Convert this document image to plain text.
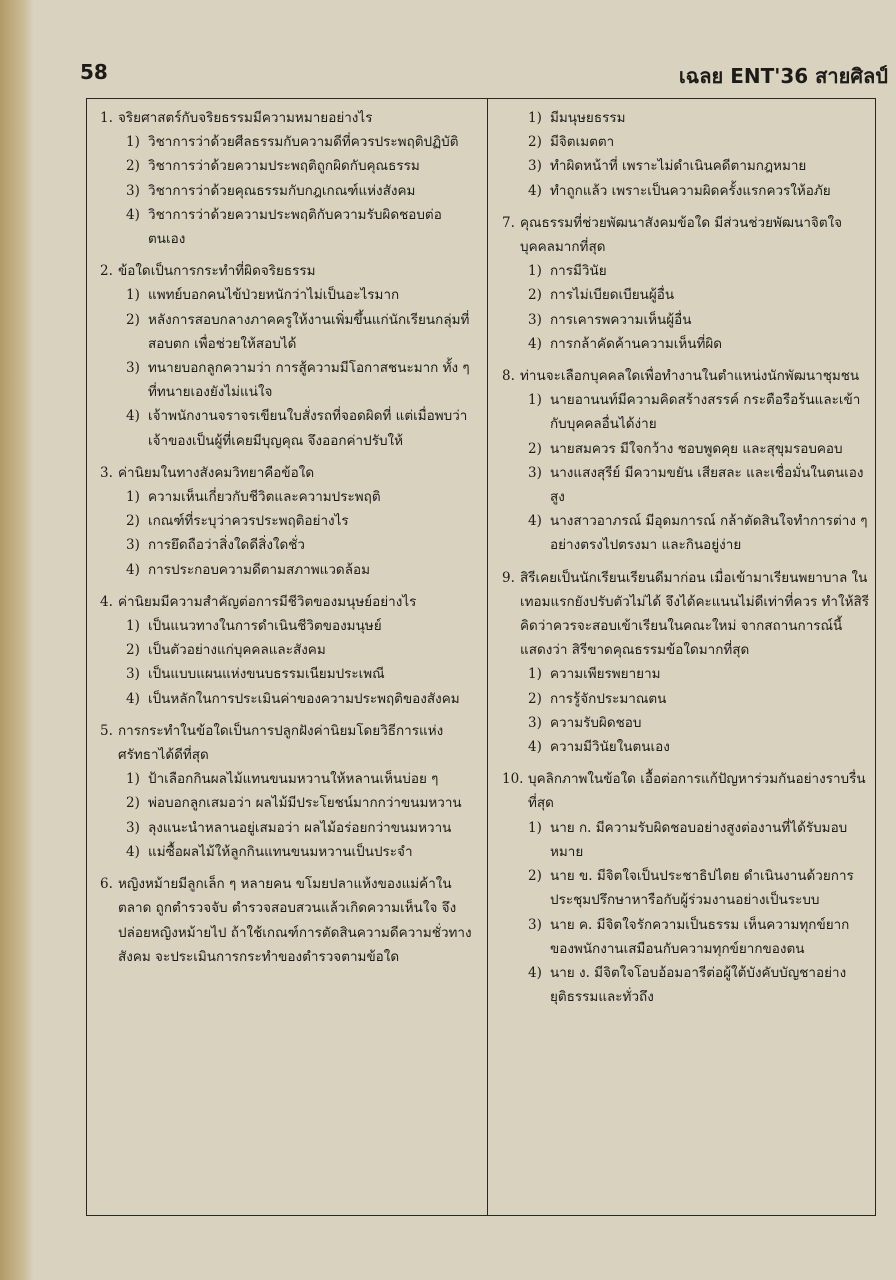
58	เฉลย ENT'36 สายศิลป์
1. จริยศาสตร์กับจริยธรรมมีความหมายอย่างไร
1) วิชาการว่าด้วยศีลธรรมกับความดีที่ควรประพฤติปฏิบัติ
2) วิชาการว่าด้วยความประพฤติถูกผิดกับคุณธรรม
3) วิชาการว่าด้วยคุณธรรมกับกฎเกณฑ์แห่งสังคม
4) วิชาการว่าด้วยความประพฤติกับความรับผิดชอบต่อตนเอง
2. ข้อใดเป็นการกระทำที่ผิดจริยธรรม
1) แพทย์บอกคนไข้ป่วยหนักว่าไม่เป็นอะไรมาก
2) หลังการสอบกลางภาคครูให้งานเพิ่มขึ้นแก่นักเรียนกลุ่มที่สอบตก เพื่อช่วยให้สอบได้
3) ทนายบอกลูกความว่า การสู้ความมีโอกาสชนะมาก ทั้ง ๆ ที่ทนายเองยังไม่แน่ใจ
4) เจ้าพนักงานจราจรเขียนใบสั่งรถที่จอดผิดที่ แต่เมื่อพบว่าเจ้าของเป็นผู้ที่เคยมีบุญคุณ จึงออกค่าปรับให้
3. ค่านิยมในทางสังคมวิทยาคือข้อใด
1) ความเห็นเกี่ยวกับชีวิตและความประพฤติ
2) เกณฑ์ที่ระบุว่าควรประพฤติอย่างไร
3) การยึดถือว่าสิ่งใดดีสิ่งใดชั่ว
4) การประกอบความดีตามสภาพแวดล้อม
4. ค่านิยมมีความสำคัญต่อการมีชีวิตของมนุษย์อย่างไร
1) เป็นแนวทางในการดำเนินชีวิตของมนุษย์
2) เป็นตัวอย่างแก่บุคคลและสังคม
3) เป็นแบบแผนแห่งขนบธรรมเนียมประเพณี
4) เป็นหลักในการประเมินค่าของความประพฤติของสังคม
5. การกระทำในข้อใดเป็นการปลูกฝังค่านิยมโดยวิธีการแห่งศรัทธาได้ดีที่สุด
1) ป้าเลือกกินผลไม้แทนขนมหวานให้หลานเห็นบ่อย ๆ
2) พ่อบอกลูกเสมอว่า ผลไม้มีประโยชน์มากกว่าขนมหวาน
3) ลุงแนะนำหลานอยู่เสมอว่า ผลไม้อร่อยกว่าขนมหวาน
4) แม่ซื้อผลไม้ให้ลูกกินแทนขนมหวานเป็นประจำ
6. หญิงหม้ายมีลูกเล็ก ๆ หลายคน ขโมยปลาแห้งของแม่ค้าในตลาด ถูกตำรวจจับ ตำรวจสอบสวนแล้วเกิดความเห็นใจ จึงปล่อยหญิงหม้ายไป ถ้าใช้เกณฑ์การตัดสินความดีความชั่วทางสังคม จะประเมินการกระทำของตำรวจตามข้อใด
1) มีมนุษยธรรม
2) มีจิตเมตตา
3) ทำผิดหน้าที่ เพราะไม่ดำเนินคดีตามกฎหมาย
4) ทำถูกแล้ว เพราะเป็นความผิดครั้งแรกควรให้อภัย
7. คุณธรรมที่ช่วยพัฒนาสังคมข้อใด มีส่วนช่วยพัฒนาจิตใจบุคคลมากที่สุด
1) การมีวินัย
2) การไม่เบียดเบียนผู้อื่น
3) การเคารพความเห็นผู้อื่น
4) การกล้าคัดค้านความเห็นที่ผิด
8. ท่านจะเลือกบุคคลใดเพื่อทำงานในตำแหน่งนักพัฒนาชุมชน
1) นายอานนท์มีความคิดสร้างสรรค์ กระตือรือร้นและเข้ากับบุคคลอื่นได้ง่าย
2) นายสมควร มีใจกว้าง ชอบพูดคุย และสุขุมรอบคอบ
3) นางแสงสุรีย์ มีความขยัน เสียสละ และเชื่อมั่นในตนเองสูง
4) นางสาวอาภรณ์ มีอุดมการณ์ กล้าตัดสินใจทำการต่าง ๆ อย่างตรงไปตรงมา และกินอยู่ง่าย
9. สิรีเคยเป็นนักเรียนเรียนดีมาก่อน เมื่อเข้ามาเรียนพยาบาล ในเทอมแรกยังปรับตัวไม่ได้ จึงได้คะแนนไม่ดีเท่าที่ควร ทำให้สิรีคิดว่าควรจะสอบเข้าเรียนในคณะใหม่ จากสถานการณ์นี้ แสดงว่า สิรีขาดคุณธรรมข้อใดมากที่สุด
1) ความเพียรพยายาม
2) การรู้จักประมาณตน
3) ความรับผิดชอบ
4) ความมีวินัยในตนเอง
10. บุคลิกภาพในข้อใด เอื้อต่อการแก้ปัญหาร่วมกันอย่างราบรื่นที่สุด
1) นาย ก. มีความรับผิดชอบอย่างสูงต่องานที่ได้รับมอบหมาย
2) นาย ข. มีจิตใจเป็นประชาธิปไตย ดำเนินงานด้วยการประชุมปรึกษาหารือกับผู้ร่วมงานอย่างเป็นระบบ
3) นาย ค. มีจิตใจรักความเป็นธรรม เห็นความทุกข์ยากของพนักงานเสมือนกับความทุกข์ยากของตน
4) นาย ง. มีจิตใจโอบอ้อมอารีต่อผู้ใต้บังคับบัญชาอย่างยุติธรรมและทั่วถึง
